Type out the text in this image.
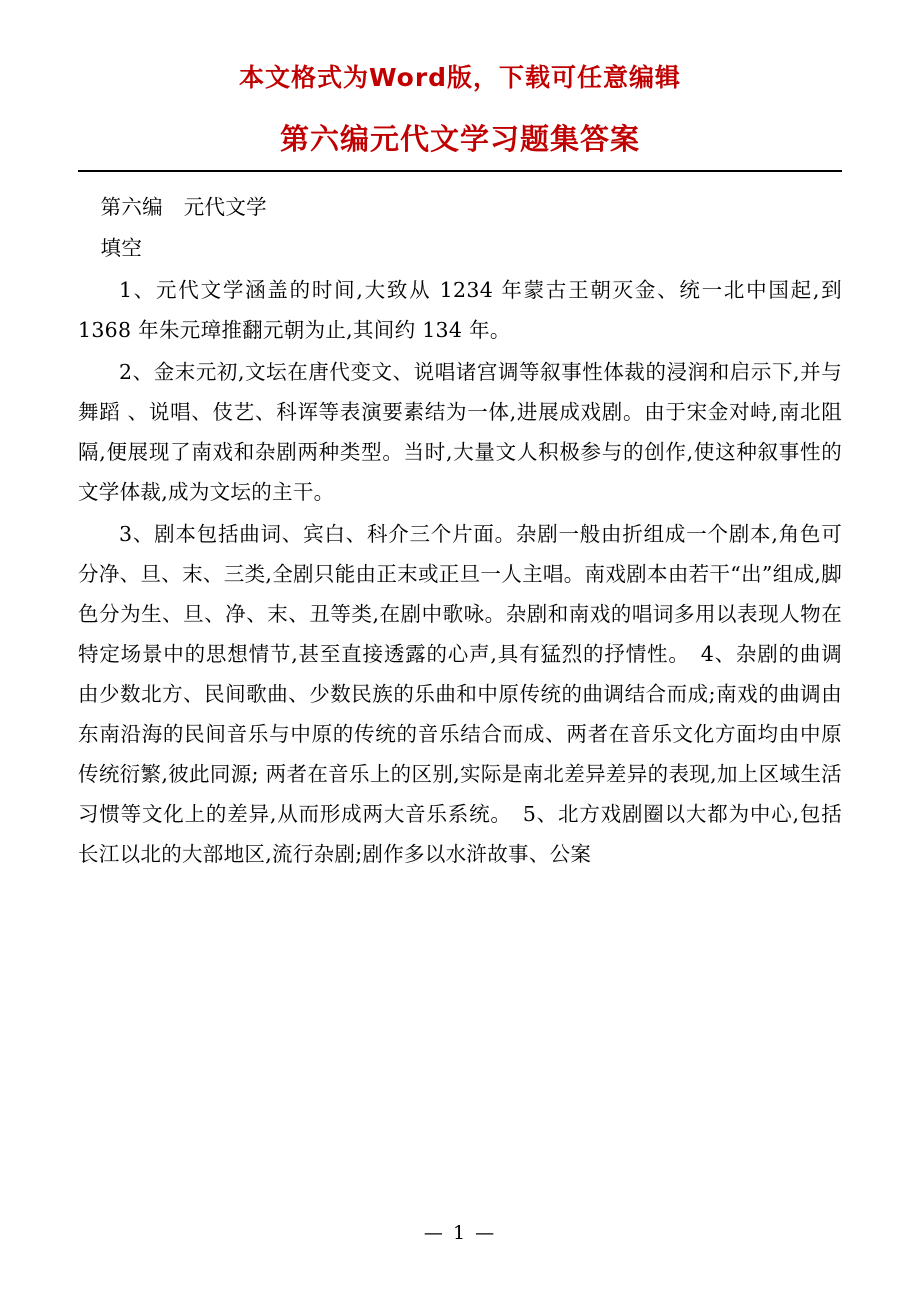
本文格式为Word版，下载可任意编辑
第六编元代文学习题集答案

第六编　元代文学

填空

1、元代文学涵盖的时间,大致从 1234 年蒙古王朝灭金、统一北中国起,到 1368 年朱元璋推翻元朝为止,其间约 134 年。

2、金末元初,文坛在唐代变文、说唱诸宫调等叙事性体裁的浸润和启示下,并与舞蹈 、说唱、伎艺、科诨等表演要素结为一体,进展成戏剧。由于宋金对峙,南北阻隔,便展现了南戏和杂剧两种类型。当时,大量文人积极参与的创作,使这种叙事性的文学体裁,成为文坛的主干。

3、剧本包括曲词、宾白、科介三个片面。杂剧一般由折组成一个剧本,角色可分净、旦、末、三类,全剧只能由正末或正旦一人主唱。南戏剧本由若干“出”组成,脚色分为生、旦、净、末、丑等类,在剧中歌咏。杂剧和南戏的唱词多用以表现人物在特定场景中的思想情节,甚至直接透露的心声,具有猛烈的抒情性。　4、杂剧的曲调由少数北方、民间歌曲、少数民族的乐曲和中原传统的曲调结合而成;南戏的曲调由东南沿海的民间音乐与中原的传统的音乐结合而成、两者在音乐文化方面均由中原传统衍繁,彼此同源; 两者在音乐上的区别,实际是南北差异差异的表现,加上区域生活习惯等文化上的差异,从而形成两大音乐系统。　5、北方戏剧圈以大都为中心,包括长江以北的大部地区,流行杂剧;剧作多以水浒故事、公案

— 1 —
